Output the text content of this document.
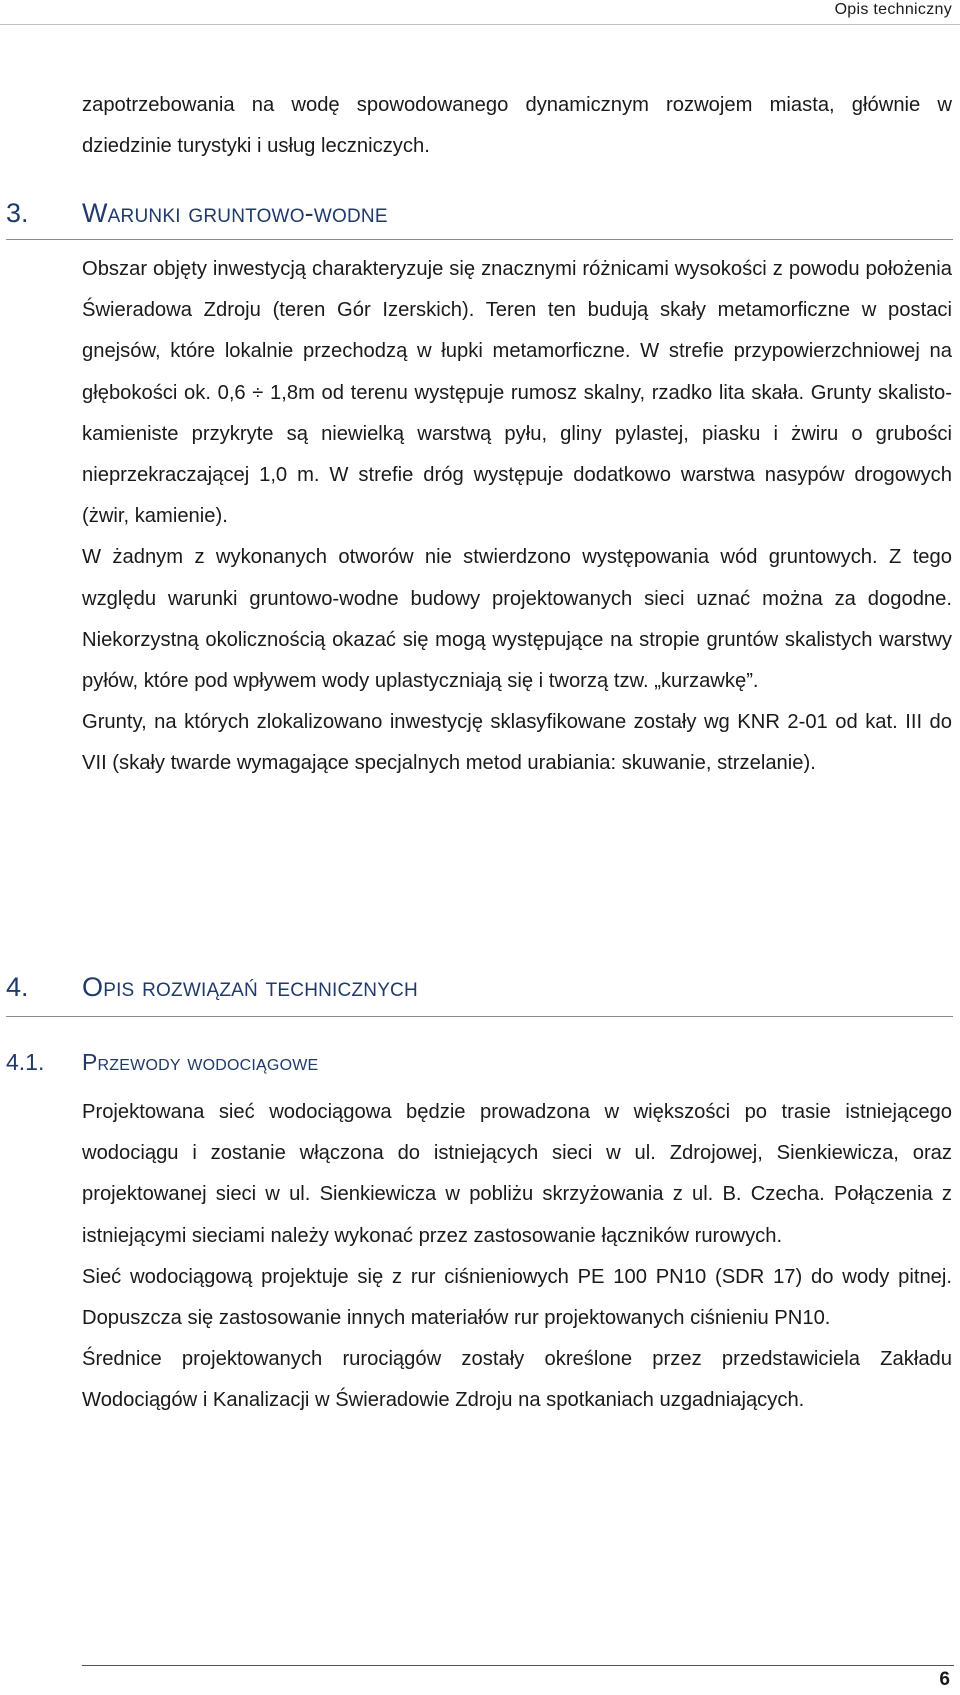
Opis techniczny

zapotrzebowania na wodę spowodowanego dynamicznym rozwojem miasta, głównie w dziedzinie turystyki i usług leczniczych.

3. Warunki gruntowo-wodne

Obszar objęty inwestycją charakteryzuje się znacznymi różnicami wysokości z powodu położenia Świeradowa Zdroju (teren Gór Izerskich). Teren ten budują skały metamorficzne w postaci gnejsów, które lokalnie przechodzą w łupki metamorficzne. W strefie przypowierzchniowej na głębokości ok. 0,6 ÷ 1,8m od terenu występuje rumosz skalny, rzadko lita skała. Grunty skalisto-kamieniste przykryte są niewielką warstwą pyłu, gliny pylastej, piasku i żwiru o grubości nieprzekraczającej 1,0 m. W strefie dróg występuje dodatkowo warstwa nasypów drogowych (żwir, kamienie).

W żadnym z wykonanych otworów nie stwierdzono występowania wód gruntowych. Z tego względu warunki gruntowo-wodne budowy projektowanych sieci uznać można za dogodne. Niekorzystną okolicznością okazać się mogą występujące na stropie gruntów skalistych warstwy pyłów, które pod wpływem wody uplastyczniają się i tworzą tzw. „kurzawkę”.

Grunty, na których zlokalizowano inwestycję sklasyfikowane zostały wg KNR 2-01 od kat. III do VII (skały twarde wymagające specjalnych metod urabiania: skuwanie, strzelanie).

4. Opis rozwiązań technicznych
4.1. Przewody wodociągowe

Projektowana sieć wodociągowa będzie prowadzona w większości po trasie istniejącego wodociągu i zostanie włączona do istniejących sieci w ul. Zdrojowej, Sienkiewicza, oraz projektowanej sieci w ul. Sienkiewicza w pobliżu skrzyżowania z ul. B. Czecha. Połączenia z istniejącymi sieciami należy wykonać przez zastosowanie łączników rurowych.

Sieć wodociągową projektuje się z rur ciśnieniowych PE 100 PN10 (SDR 17) do wody pitnej. Dopuszcza się zastosowanie innych materiałów rur projektowanych ciśnieniu PN10.

Średnice projektowanych rurociągów zostały określone przez przedstawiciela Zakładu Wodociągów i Kanalizacji w Świeradowie Zdroju na spotkaniach uzgadniających.

6
